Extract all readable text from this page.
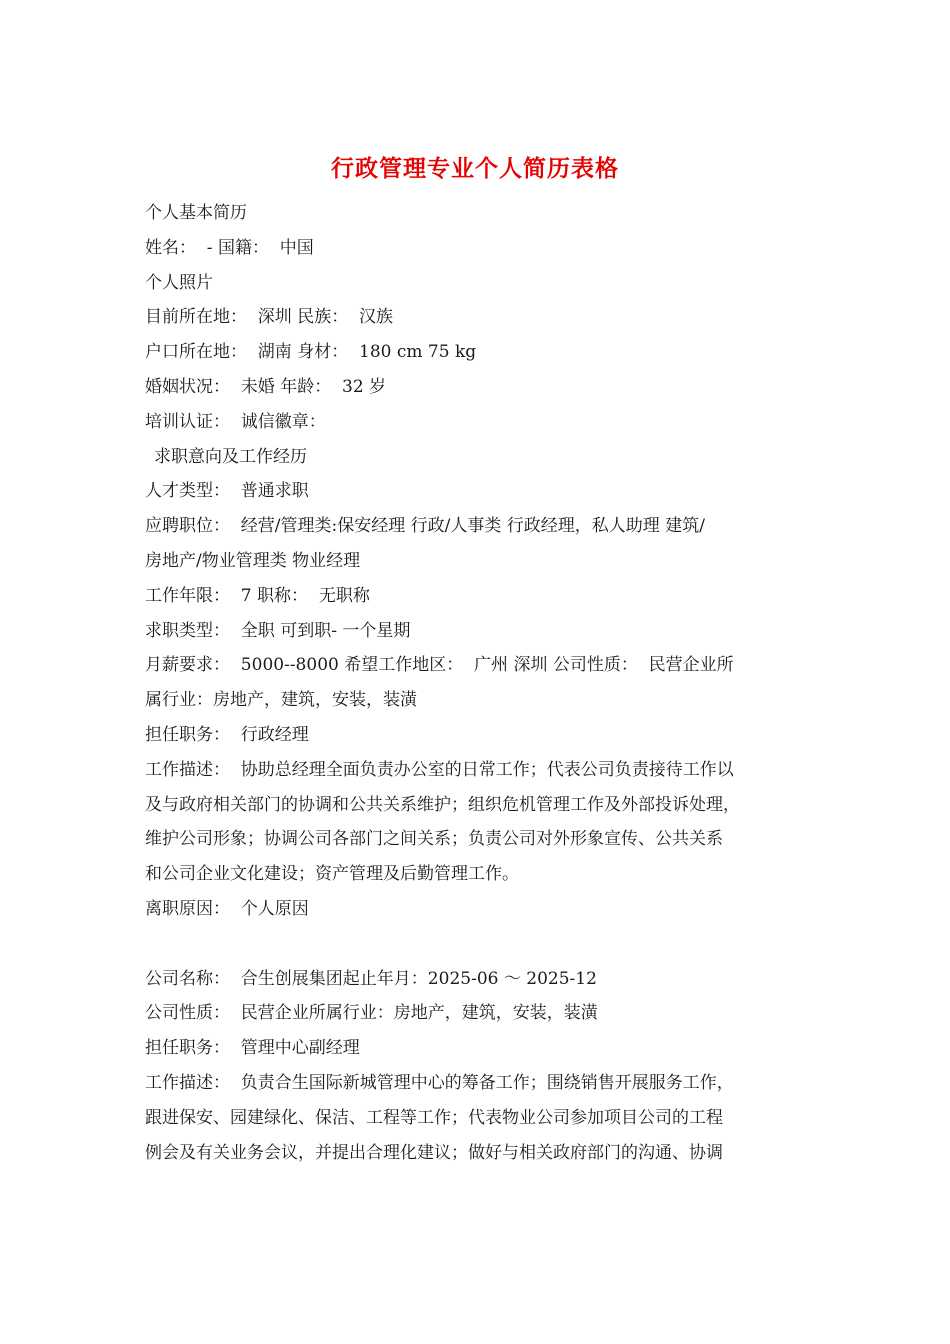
行政管理专业个人简历表格
个人基本简历
姓名：  - 国籍：  中国
个人照片
目前所在地：  深圳 民族：  汉族
户口所在地：  湖南 身材：  180 cm 75 kg
婚姻状况：  未婚 年龄：  32 岁
培训认证：  诚信徽章：
求职意向及工作经历
人才类型：  普通求职
应聘职位：  经营/管理类:保安经理 行政/人事类 行政经理，私人助理 建筑/
房地产/物业管理类 物业经理
工作年限：  7 职称：  无职称
求职类型：  全职 可到职- 一个星期
月薪要求：  5000--8000 希望工作地区：  广州 深圳 公司性质：  民营企业所
属行业：房地产，建筑，安装，装潢
担任职务：  行政经理
工作描述：  协助总经理全面负责办公室的日常工作；代表公司负责接待工作以
及与政府相关部门的协调和公共关系维护；组织危机管理工作及外部投诉处理，
维护公司形象；协调公司各部门之间关系；负责公司对外形象宣传、公共关系
和公司企业文化建设；资产管理及后勤管理工作。
离职原因：  个人原因
公司名称：  合生创展集团起止年月：2025-06 ～ 2025-12
公司性质：  民营企业所属行业：房地产，建筑，安装，装潢
担任职务：  管理中心副经理
工作描述：  负责合生国际新城管理中心的筹备工作；围绕销售开展服务工作，
跟进保安、园建绿化、保洁、工程等工作；代表物业公司参加项目公司的工程
例会及有关业务会议，并提出合理化建议；做好与相关政府部门的沟通、协调
